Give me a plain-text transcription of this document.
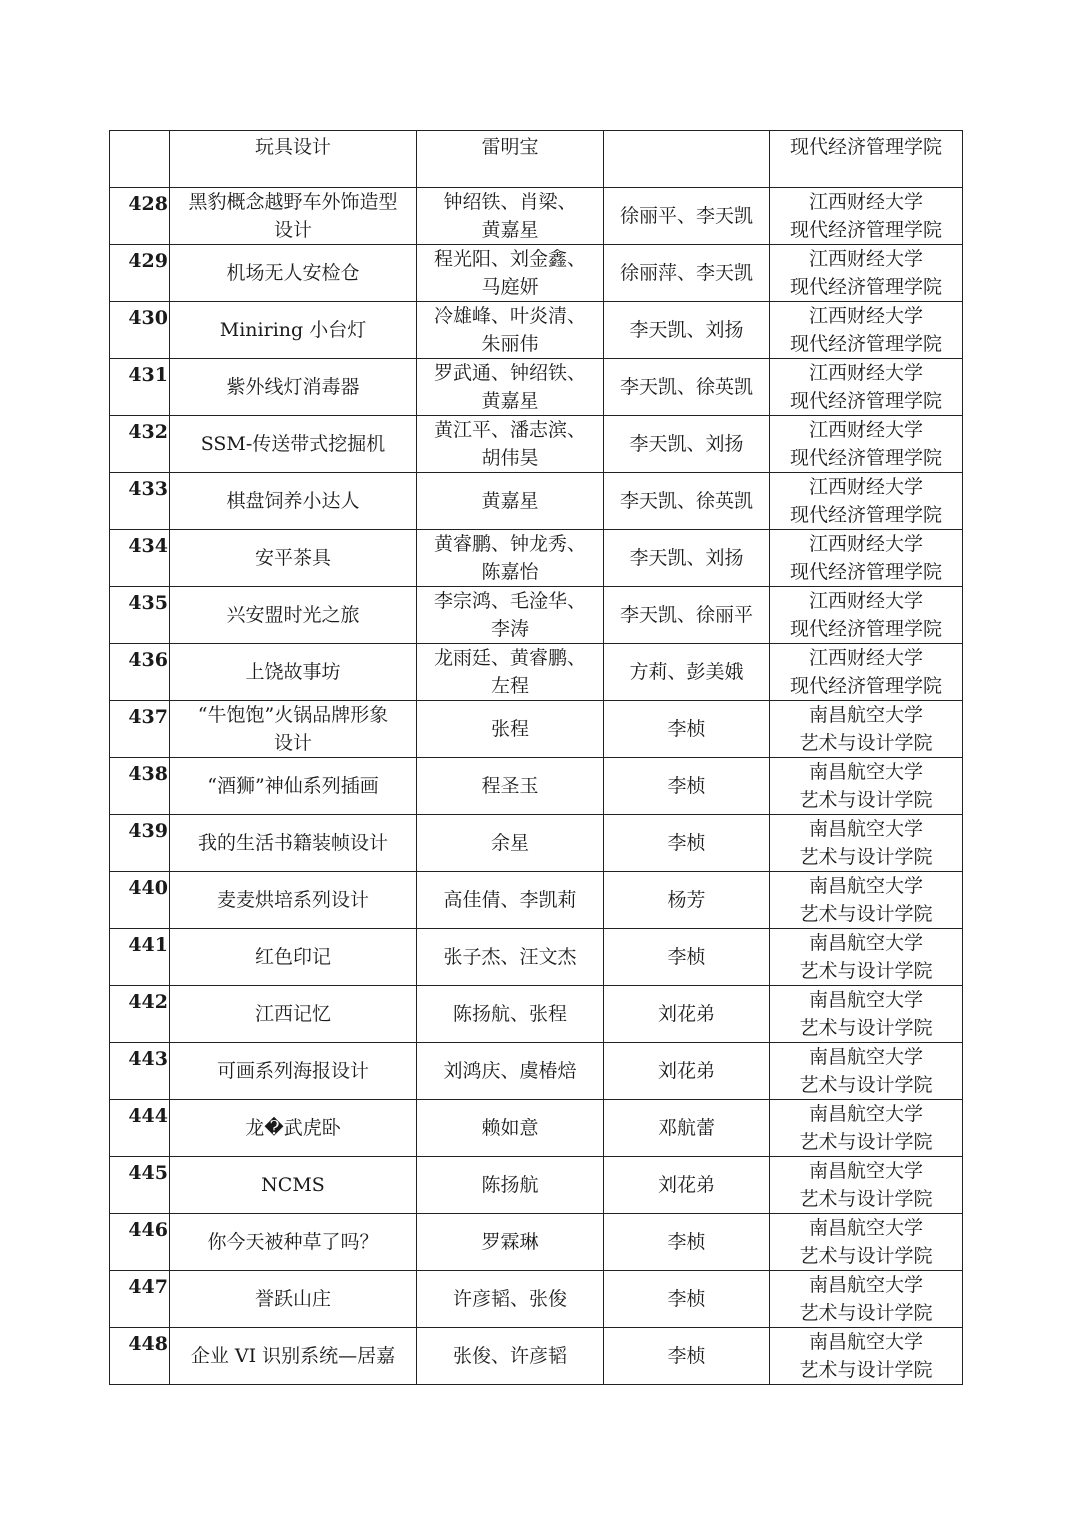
	玩具设计	雷明宝		现代经济管理学院

428	黑豹概念越野车外饰造型
设计	钟绍铁、肖梁、
黄嘉星	徐丽平、李天凯	江西财经大学
现代经济管理学院

429	机场无人安检仓	程光阳、刘金鑫、
马庭妍	徐丽萍、李天凯	江西财经大学
现代经济管理学院

430	Miniring 小台灯	冷雄峰、叶炎清、
朱丽伟	李天凯、刘扬	江西财经大学
现代经济管理学院

431	紫外线灯消毒器	罗武通、钟绍铁、
黄嘉星	李天凯、徐英凯	江西财经大学
现代经济管理学院

432	SSM-传送带式挖掘机	黄江平、潘志滨、
胡伟昊	李天凯、刘扬	江西财经大学
现代经济管理学院

433	棋盘饲养小达人	黄嘉星	李天凯、徐英凯	江西财经大学
现代经济管理学院

434	安平茶具	黄睿鹏、钟龙秀、
陈嘉怡	李天凯、刘扬	江西财经大学
现代经济管理学院

435	兴安盟时光之旅	李宗鸿、毛淦华、
李涛	李天凯、徐丽平	江西财经大学
现代经济管理学院

436	上饶故事坊	龙雨廷、黄睿鹏、
左程	方莉、彭美娥	江西财经大学
现代经济管理学院

437	“牛饱饱”火锅品牌形象
设计	张程	李桢	南昌航空大学
艺术与设计学院

438	“酒狮”神仙系列插画	程圣玉	李桢	南昌航空大学
艺术与设计学院

439	我的生活书籍装帧设计	余星	李桢	南昌航空大学
艺术与设计学院

440	麦麦烘培系列设计	高佳倩、李凯莉	杨芳	南昌航空大学
艺术与设计学院

441	红色印记	张子杰、汪文杰	李桢	南昌航空大学
艺术与设计学院

442	江西记忆	陈扬航、张程	刘花弟	南昌航空大学
艺术与设计学院

443	可画系列海报设计	刘鸿庆、虞椿焙	刘花弟	南昌航空大学
艺术与设计学院

444	龙�武虎卧	赖如意	邓航蕾	南昌航空大学
艺术与设计学院

445	NCMS	陈扬航	刘花弟	南昌航空大学
艺术与设计学院

446	你今天被种草了吗？	罗霖琳	李桢	南昌航空大学
艺术与设计学院

447	誉跃山庄	许彦韬、张俊	李桢	南昌航空大学
艺术与设计学院

448	企业 VI 识别系统—居嘉	张俊、许彦韬	李桢	南昌航空大学
艺术与设计学院
